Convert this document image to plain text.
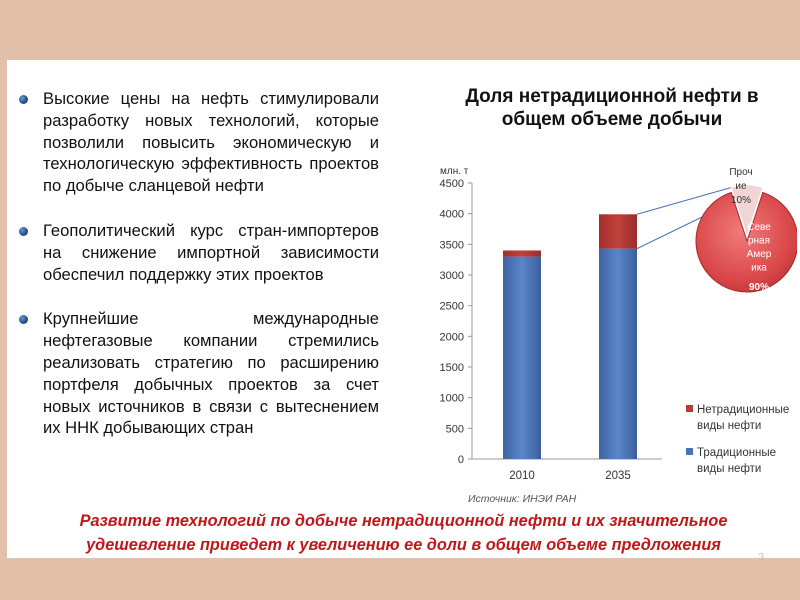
Высокие цены на нефть стимулировали разработку новых технологий, которые позволили повысить экономическую и технологическую эффективность проектов по добыче сланцевой нефти

Геополитический курс стран-импортеров на снижение импортной зависимости обеспечил поддержку этих проектов

Крупнейшие международные нефтегазовые компании стремились реализовать стратегию по расширению портфеля добычных проектов за счет новых источников в связи с вытеснением их ННК добывающих стран

0
500
1000
1500
2000
2500
3000
3500
4000
4500
2010	2035
Проч
ие
10%
Севе
рная
Амер
ика
90%
Доля нетрадиционной нефти в
общем объеме добычи
Нетрадиционные
виды нефти
Традиционные
виды нефти
млн. т
Источник: ИНЭИ РАН
Развитие технологий по добыче нетрадиционной нефти и их значительное
удешевление приведет к увеличению ее доли в общем объеме предложения
3
